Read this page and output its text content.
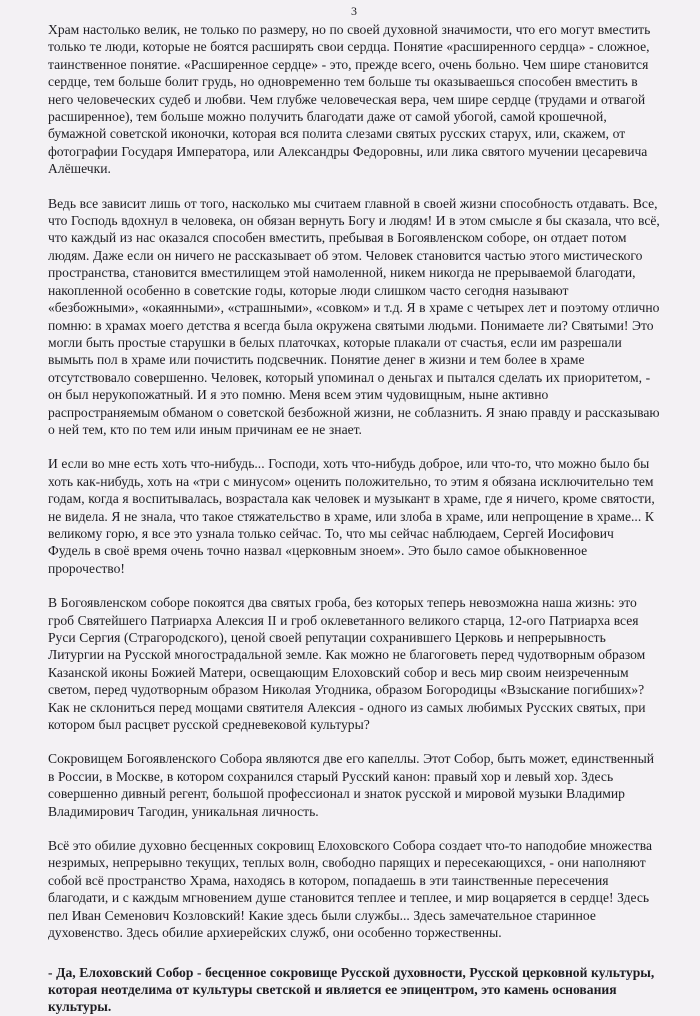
3

Храм настолько велик, не только по размеру, но по своей духовной значимости, что его могут вместить только те люди, которые не боятся расширять свои сердца. Понятие «расширенного сердца» - сложное, таинственное понятие. «Расширенное сердце» - это, прежде всего, очень больно. Чем шире становится сердце, тем больше болит грудь, но одновременно тем больше ты оказываешься способен вместить в него человеческих судеб и любви. Чем глубже человеческая вера, чем шире сердце (трудами и отвагой расширенное), тем больше можно получить благодати даже от самой убогой, самой крошечной, бумажной советской иконочки, которая вся полита слезами святых русских старух, или, скажем, от фотографии Государя Императора, или Александры Федоровны, или лика святого мучении цесаревича Алёшечки.

Ведь все зависит лишь от того, насколько мы считаем главной в своей жизни способность отдавать. Все, что Господь вдохнул в человека, он обязан вернуть Богу и людям! И в этом смысле я бы сказала, что всё, что каждый из нас оказался способен вместить, пребывая в Богоявленском соборе, он отдает потом людям. Даже если он ничего не рассказывает об этом. Человек становится частью этого мистического пространства, становится вместилищем этой намоленной, никем никогда не прерываемой благодати, накопленной особенно в советские годы, которые люди слишком часто сегодня называют «безбожными», «окаянными», «страшными», «совком» и т.д. Я в храме с четырех лет и поэтому отлично помню: в храмах моего детства я всегда была окружена святыми людьми. Понимаете ли? Святыми! Это могли быть простые старушки в белых платочках, которые плакали от счастья, если им разрешали вымыть пол в храме или почистить подсвечник. Понятие денег в жизни и тем более в храме отсутствовало совершенно. Человек, который упоминал о деньгах и пытался сделать их приоритетом, - он был нерукопожатный. И я это помню. Меня всем этим чудовищным, ныне активно распространяемым обманом о советской безбожной жизни, не соблазнить. Я знаю правду и рассказываю о ней тем, кто по тем или иным причинам ее не знает.

И если во мне есть хоть что-нибудь... Господи, хоть что-нибудь доброе, или что-то, что можно было бы хоть как-нибудь, хоть на «три с минусом» оценить положительно, то этим я обязана исключительно тем годам, когда я воспитывалась, возрастала как человек и музыкант в храме, где я ничего, кроме святости, не видела. Я не знала, что такое стяжательство в храме, или злоба в храме, или непрощение в храме... К великому горю, я все это узнала только сейчас. То, что мы сейчас наблюдаем, Сергей Иосифович Фудель в своё время очень точно назвал «церковным зноем». Это было самое обыкновенное пророчество!

В Богоявленском соборе покоятся два святых гроба, без которых теперь невозможна наша жизнь: это гроб Святейшего Патриарха Алексия II и гроб оклеветанного великого старца, 12-ого Патриарха всея Руси Сергия (Страгородского), ценой своей репутации сохранившего Церковь и непрерывность Литургии на Русской многострадальной земле. Как можно не благоговеть перед чудотворным образом Казанской иконы Божией Матери, освещающим Елоховский собор и весь мир своим неизреченным светом, перед чудотворным образом Николая Угодника, образом Богородицы «Взыскание погибших»? Как не склониться перед мощами святителя Алексия - одного из самых любимых Русских святых, при котором был расцвет русской средневековой культуры?

Сокровищем Богоявленского Собора являются две его капеллы. Этот Собор, быть может, единственный в России, в Москве, в котором сохранился старый Русский канон: правый хор и левый хор. Здесь совершенно дивный регент, большой профессионал и знаток русской и мировой музыки Владимир Владимирович Тагодин, уникальная личность.

Всё это обилие духовно бесценных сокровищ Елоховского Собора создает что-то наподобие множества незримых, непрерывно текущих, теплых волн, свободно парящих и пересекающихся, - они наполняют собой всё пространство Храма, находясь в котором, попадаешь в эти таинственные пересечения благодати, и с каждым мгновением душе становится теплее и теплее, и мир воцаряется в сердце! Здесь пел Иван Семенович Козловский! Какие здесь были службы... Здесь замечательное старинное духовенство. Здесь обилие архиерейских служб, они особенно торжественны.

- Да, Елоховский Собор - бесценное сокровище Русской духовности, Русской церковной культуры, которая неотделима от культуры светской и является ее эпицентром, это камень основания культуры.
